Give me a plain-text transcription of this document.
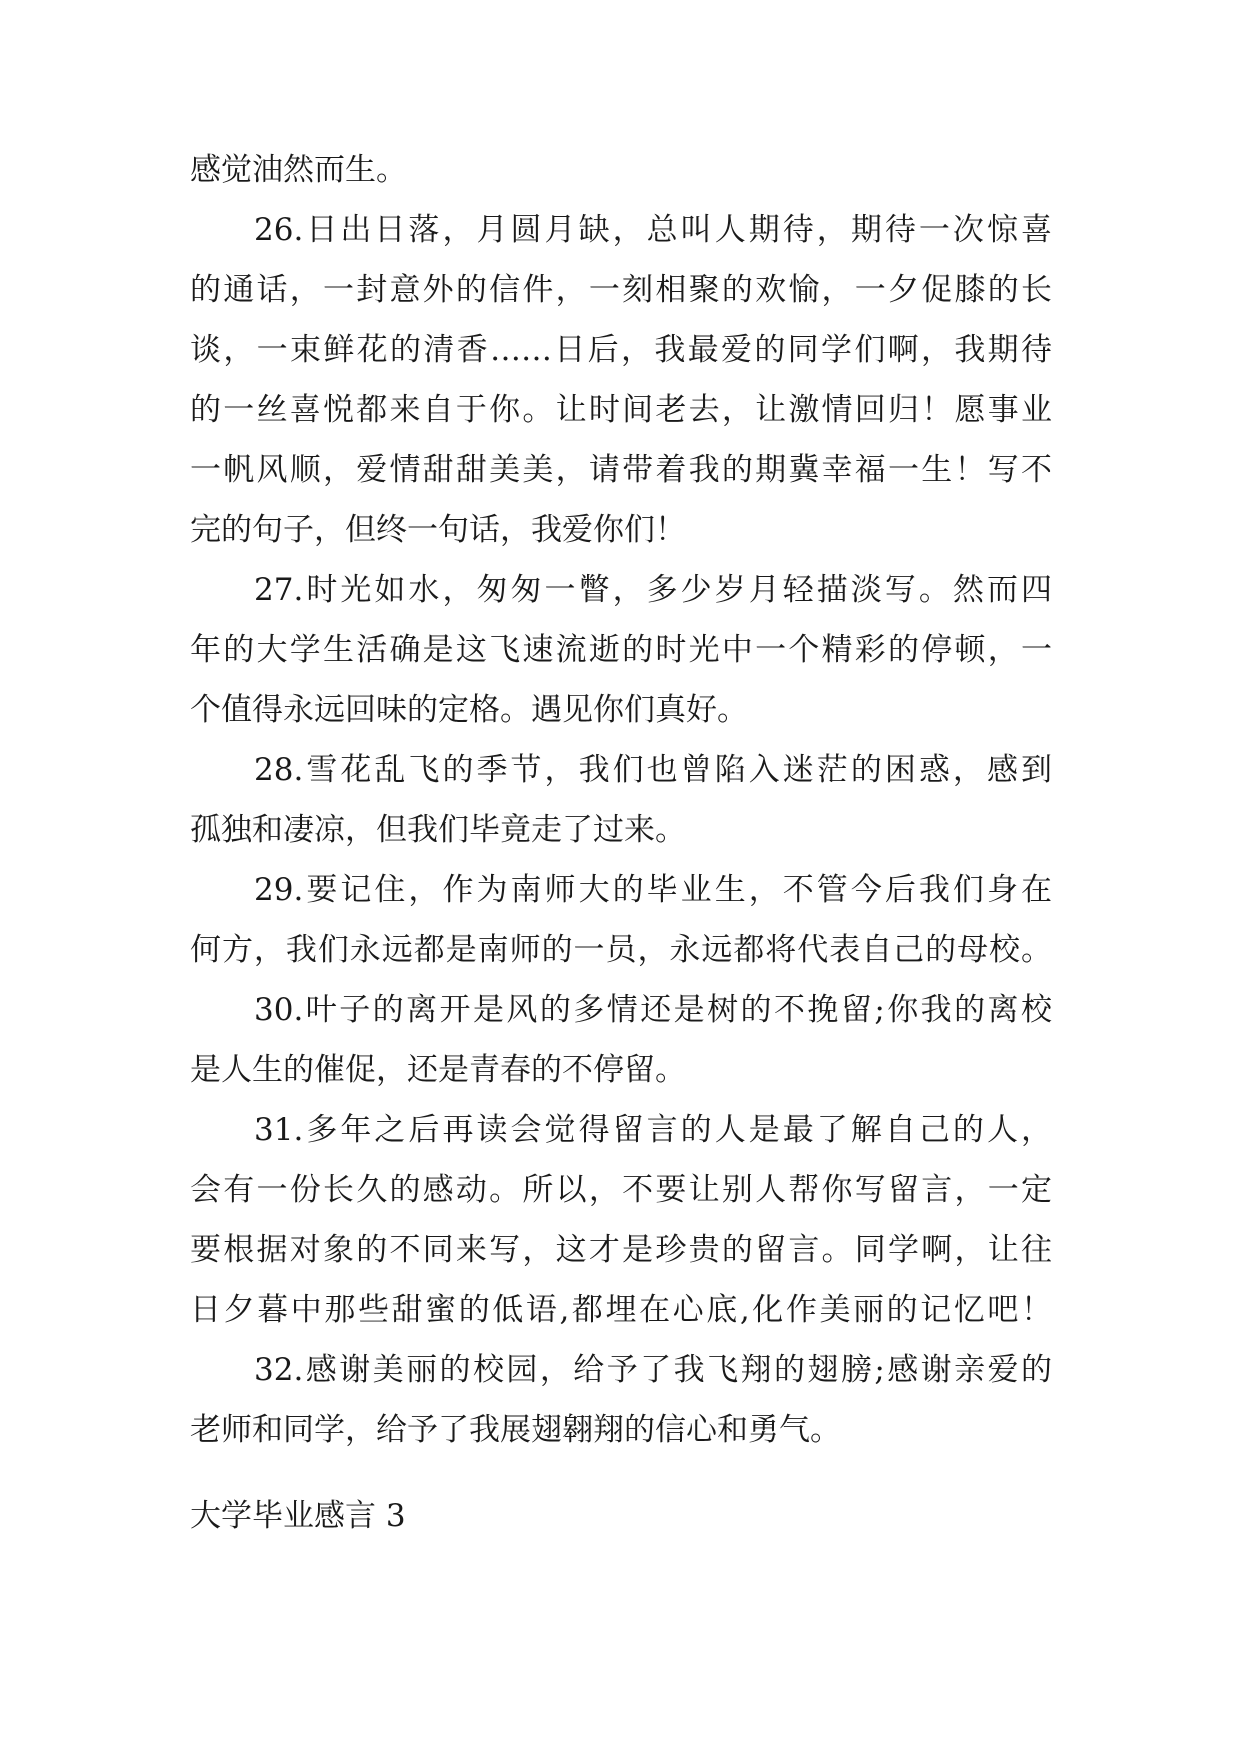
感觉油然而生。
26.日出日落，月圆月缺，总叫人期待，期待一次惊喜
的通话，一封意外的信件，一刻相聚的欢愉，一夕促膝的长
谈，一束鲜花的清香……日后，我最爱的同学们啊，我期待
的一丝喜悦都来自于你。让时间老去，让激情回归！愿事业
一帆风顺，爱情甜甜美美，请带着我的期冀幸福一生！写不
完的句子，但终一句话，我爱你们！
27.时光如水，匆匆一瞥，多少岁月轻描淡写。然而四
年的大学生活确是这飞速流逝的时光中一个精彩的停顿，一
个值得永远回味的定格。遇见你们真好。
28.雪花乱飞的季节，我们也曾陷入迷茫的困惑，感到
孤独和凄凉，但我们毕竟走了过来。
29.要记住，作为南师大的毕业生，不管今后我们身在
何方，我们永远都是南师的一员，永远都将代表自己的母校。
30.叶子的离开是风的多情还是树的不挽留;你我的离校
是人生的催促，还是青春的不停留。
31.多年之后再读会觉得留言的人是最了解自己的人，
会有一份长久的感动。所以，不要让别人帮你写留言，一定
要根据对象的不同来写，这才是珍贵的留言。同学啊，让往
日夕暮中那些甜蜜的低语,都埋在心底,化作美丽的记忆吧！
32.感谢美丽的校园，给予了我飞翔的翅膀;感谢亲爱的
老师和同学，给予了我展翅翱翔的信心和勇气。
大学毕业感言 3
